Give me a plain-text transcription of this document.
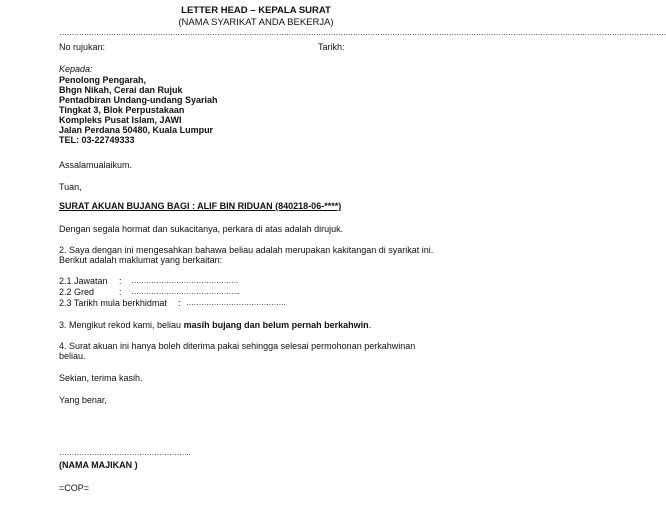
LETTER HEAD – KEPALA SURAT
(NAMA SYARIKAT ANDA BEKERJA)
…………………………………………………………………………………………………………………………………………………………………………………………………………………………
No rujukan:	Tarikh:
Kepada:
Penolong Pengarah,
Bhgn Nikah, Cerai dan Rujuk
Pentadbiran Undang-undang Syariah
Tingkat 3, Blok Perpustakaan
Kompleks Pusat Islam, JAWI
Jalan Perdana 50480, Kuala Lumpur
TEL: 03-22749333
Assalamualaikum.
Tuan,
SURAT AKUAN BUJANG BAGI : ALIF BIN RIDUAN (840218-06-****)
Dengan segala hormat dan sukacitanya, perkara di atas adalah dirujuk.
2. Saya dengan ini mengesahkan bahawa beliau adalah merupakan kakitangan di syarikat ini.
Berikut adalah maklumat yang berkaitan:
2.1 Jawatan : …………………………………….
2.2 Gred	: ……………………………………..
2.3 Tarikh mula berkhidmat : ………………………………….
3. Mengikut rekod kami, beliau masih bujang dan belum pernah berkahwin.
4. Surat akuan ini hanya boleh diterima pakai sehingga selesai permohonan perkahwinan
beliau.
Sekian, terima kasih.
Yang benar,
……………………………………………..
(NAMA MAJIKAN )
=COP=
